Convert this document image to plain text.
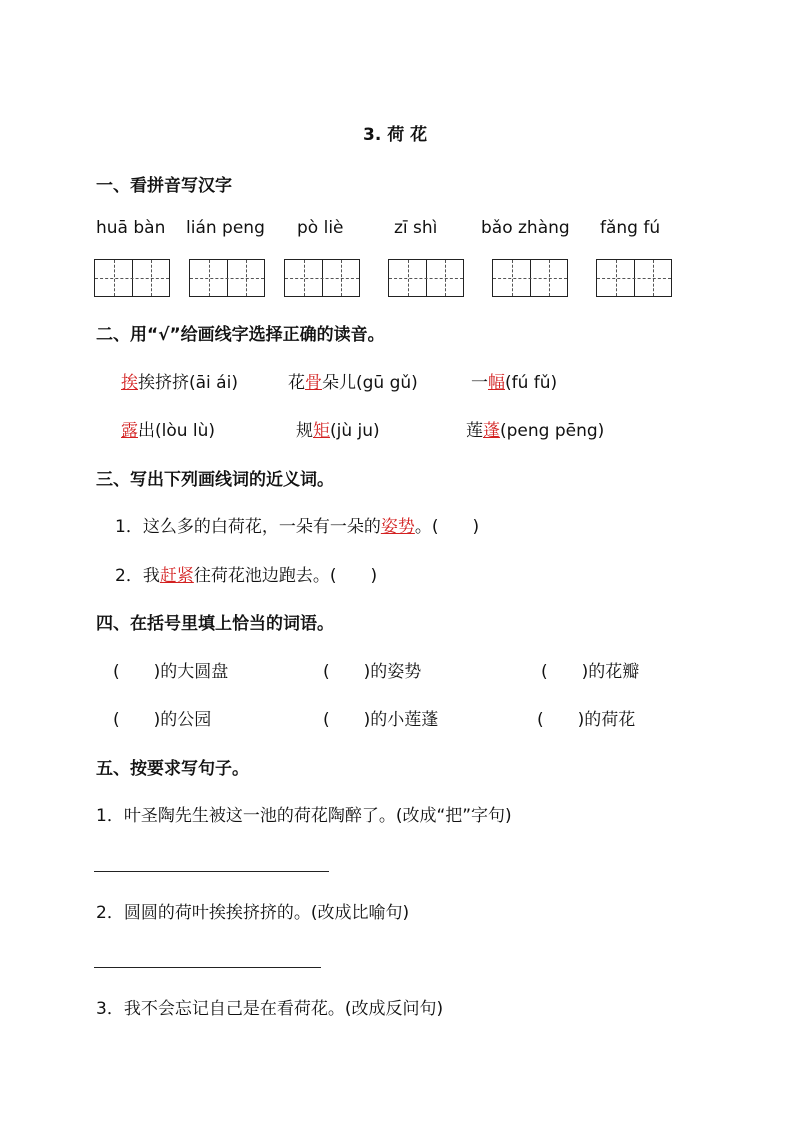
3. 荷 花
一、看拼音写汉字
huā bàn lián peng pò liè	zī shì	bǎo zhàng fǎng fú
二、用“√”给画线字选择正确的读音。
挨挨挤挤(āi ái)	花骨朵儿(gū gǔ)	一幅(fú fǔ)
露出(lòu lù)	规矩(jù ju)	莲蓬(peng pēng)
三、写出下列画线词的近义词。
1．这么多的白荷花，一朵有一朵的姿势。(　　)
2．我赶紧往荷花池边跑去。(　　)
四、在括号里填上恰当的词语。
(　　)的大圆盘	(　　)的姿势	(　　)的花瓣
(　　)的公园	(　　)的小莲蓬	(　　)的荷花
五、按要求写句子。
1．叶圣陶先生被这一池的荷花陶醉了。(改成“把”字句)
2．圆圆的荷叶挨挨挤挤的。(改成比喻句)
3．我不会忘记自己是在看荷花。(改成反问句)
